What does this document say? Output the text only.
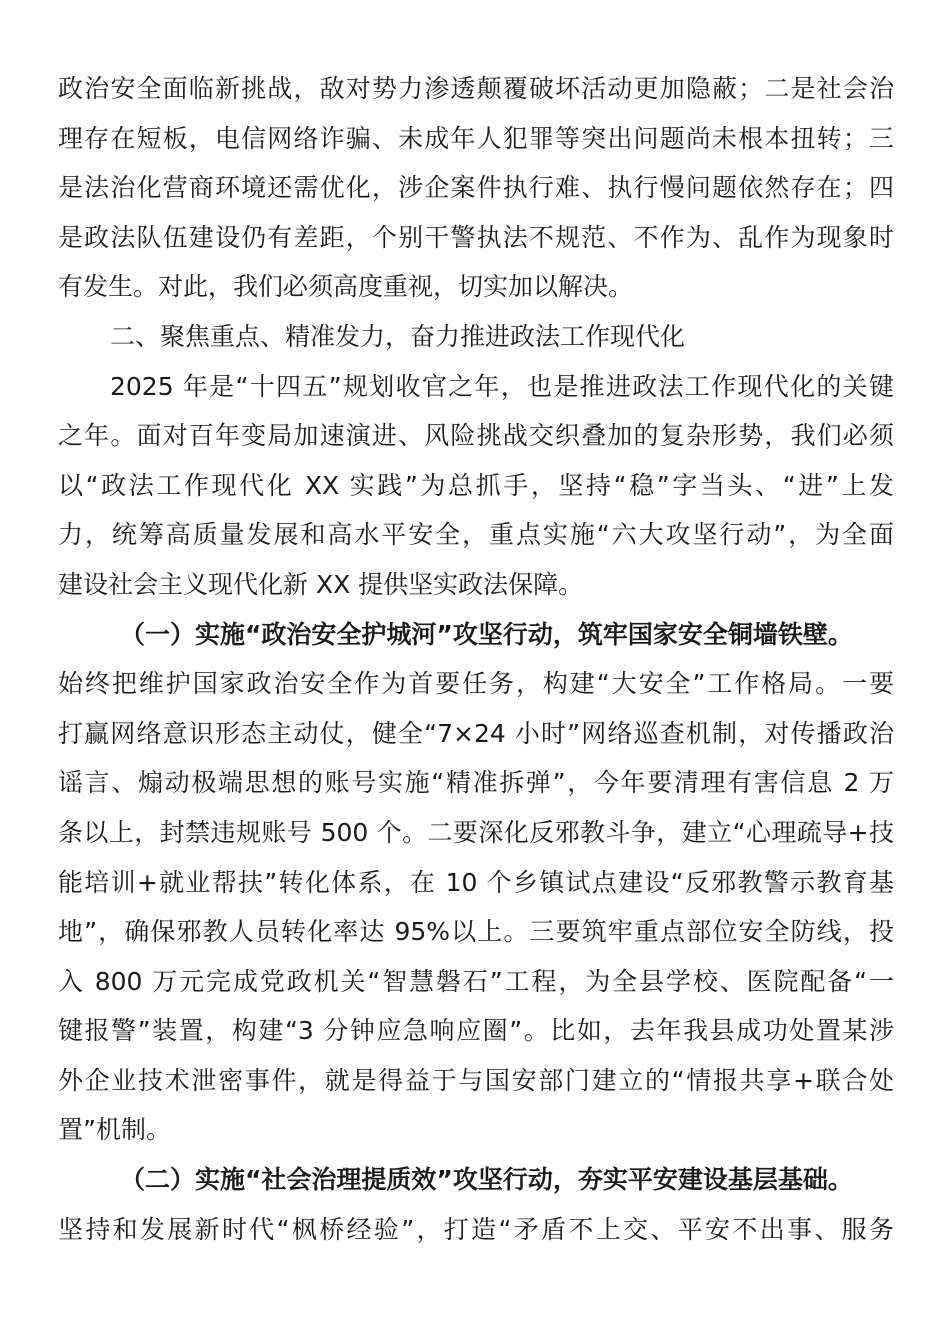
政治安全面临新挑战，敌对势力渗透颠覆破坏活动更加隐蔽；二是社会治
理存在短板，电信网络诈骗、未成年人犯罪等突出问题尚未根本扭转；三
是法治化营商环境还需优化，涉企案件执行难、执行慢问题依然存在；四
是政法队伍建设仍有差距，个别干警执法不规范、不作为、乱作为现象时
有发生。对此，我们必须高度重视，切实加以解决。
二、聚焦重点、精准发力，奋力推进政法工作现代化
2025 年是“十四五”规划收官之年，也是推进政法工作现代化的关键
之年。面对百年变局加速演进、风险挑战交织叠加的复杂形势，我们必须
以“政法工作现代化 XX 实践”为总抓手，坚持“稳”字当头、“进”上发
力，统筹高质量发展和高水平安全，重点实施“六大攻坚行动”，为全面
建设社会主义现代化新 XX 提供坚实政法保障。
（一）实施“政治安全护城河”攻坚行动，筑牢国家安全铜墙铁壁。
始终把维护国家政治安全作为首要任务，构建“大安全”工作格局。一要
打赢网络意识形态主动仗，健全“7×24 小时”网络巡查机制，对传播政治
谣言、煽动极端思想的账号实施“精准拆弹”，今年要清理有害信息 2 万
条以上，封禁违规账号 500 个。二要深化反邪教斗争，建立“心理疏导+技
能培训+就业帮扶”转化体系，在 10 个乡镇试点建设“反邪教警示教育基
地”，确保邪教人员转化率达 95%以上。三要筑牢重点部位安全防线，投
入 800 万元完成党政机关“智慧磐石”工程，为全县学校、医院配备“一
键报警”装置，构建“3 分钟应急响应圈”。比如，去年我县成功处置某涉
外企业技术泄密事件，就是得益于与国安部门建立的“情报共享+联合处
置”机制。
（二）实施“社会治理提质效”攻坚行动，夯实平安建设基层基础。
坚持和发展新时代“枫桥经验”，打造“矛盾不上交、平安不出事、服务
